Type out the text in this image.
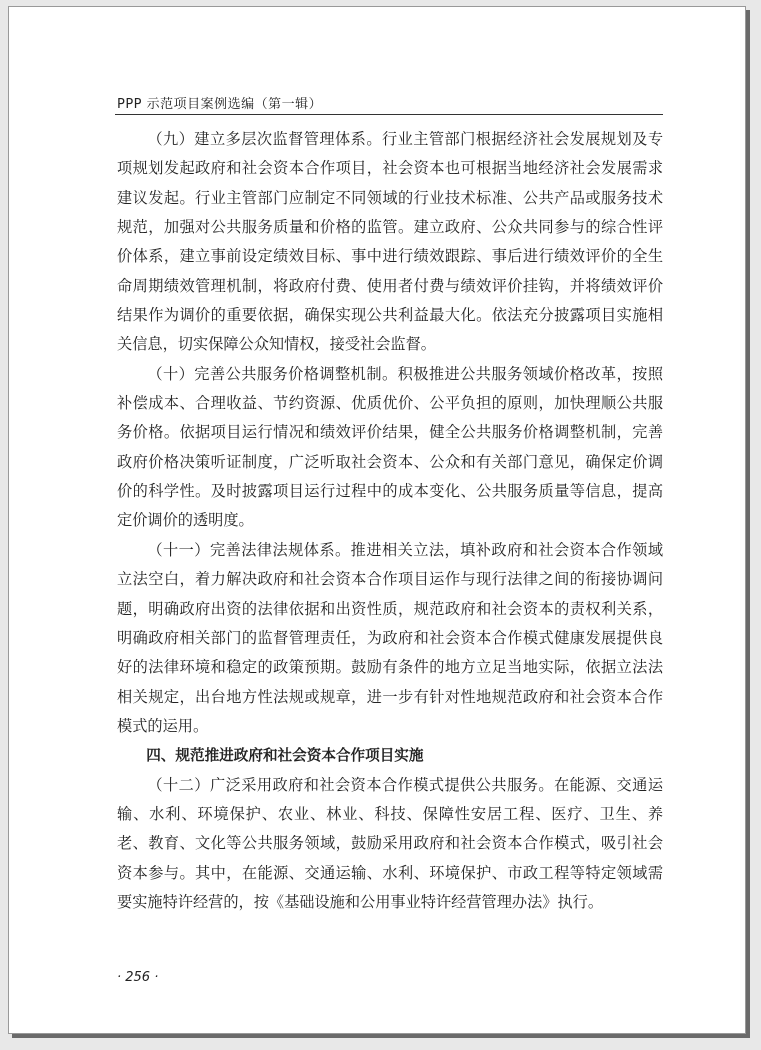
PPP 示范项目案例选编（第一辑）

（九）建立多层次监督管理体系。行业主管部门根据经济社会发展规划及专项规划发起政府和社会资本合作项目，社会资本也可根据当地经济社会发展需求建议发起。行业主管部门应制定不同领域的行业技术标准、公共产品或服务技术规范，加强对公共服务质量和价格的监管。建立政府、公众共同参与的综合性评价体系，建立事前设定绩效目标、事中进行绩效跟踪、事后进行绩效评价的全生命周期绩效管理机制，将政府付费、使用者付费与绩效评价挂钩，并将绩效评价结果作为调价的重要依据，确保实现公共利益最大化。依法充分披露项目实施相关信息，切实保障公众知情权，接受社会监督。

（十）完善公共服务价格调整机制。积极推进公共服务领域价格改革，按照补偿成本、合理收益、节约资源、优质优价、公平负担的原则，加快理顺公共服务价格。依据项目运行情况和绩效评价结果，健全公共服务价格调整机制，完善政府价格决策听证制度，广泛听取社会资本、公众和有关部门意见，确保定价调价的科学性。及时披露项目运行过程中的成本变化、公共服务质量等信息，提高定价调价的透明度。

（十一）完善法律法规体系。推进相关立法，填补政府和社会资本合作领域立法空白，着力解决政府和社会资本合作项目运作与现行法律之间的衔接协调问题，明确政府出资的法律依据和出资性质，规范政府和社会资本的责权利关系，明确政府相关部门的监督管理责任，为政府和社会资本合作模式健康发展提供良好的法律环境和稳定的政策预期。鼓励有条件的地方立足当地实际，依据立法法相关规定，出台地方性法规或规章，进一步有针对性地规范政府和社会资本合作模式的运用。

四、规范推进政府和社会资本合作项目实施

（十二）广泛采用政府和社会资本合作模式提供公共服务。在能源、交通运输、水利、环境保护、农业、林业、科技、保障性安居工程、医疗、卫生、养老、教育、文化等公共服务领域，鼓励采用政府和社会资本合作模式，吸引社会资本参与。其中，在能源、交通运输、水利、环境保护、市政工程等特定领域需要实施特许经营的，按《基础设施和公用事业特许经营管理办法》执行。

· 256 ·
